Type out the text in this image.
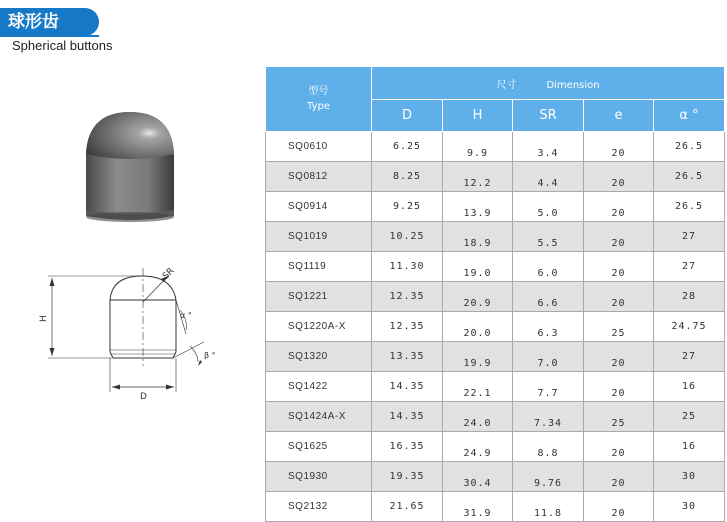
球形齿
Spherical buttons
H
D
SR
α °
β °
型号
Type	尺寸 Dimension				
	D	H	SR	e	α °
SQ0610	6.25	9.9	3.4	20	26.5
SQ0812	8.25	12.2	4.4	20	26.5
SQ0914	9.25	13.9	5.0	20	26.5
SQ1019	10.25	18.9	5.5	20	27
SQ1119	11.30	19.0	6.0	20	27
SQ1221	12.35	20.9	6.6	20	28
SQ1220A-X	12.35	20.0	6.3	25	24.75
SQ1320	13.35	19.9	7.0	20	27
SQ1422	14.35	22.1	7.7	20	16
SQ1424A-X	14.35	24.0	7.34	25	25
SQ1625	16.35	24.9	8.8	20	16
SQ1930	19.35	30.4	9.76	20	30
SQ2132	21.65	31.9	11.8	20	30
